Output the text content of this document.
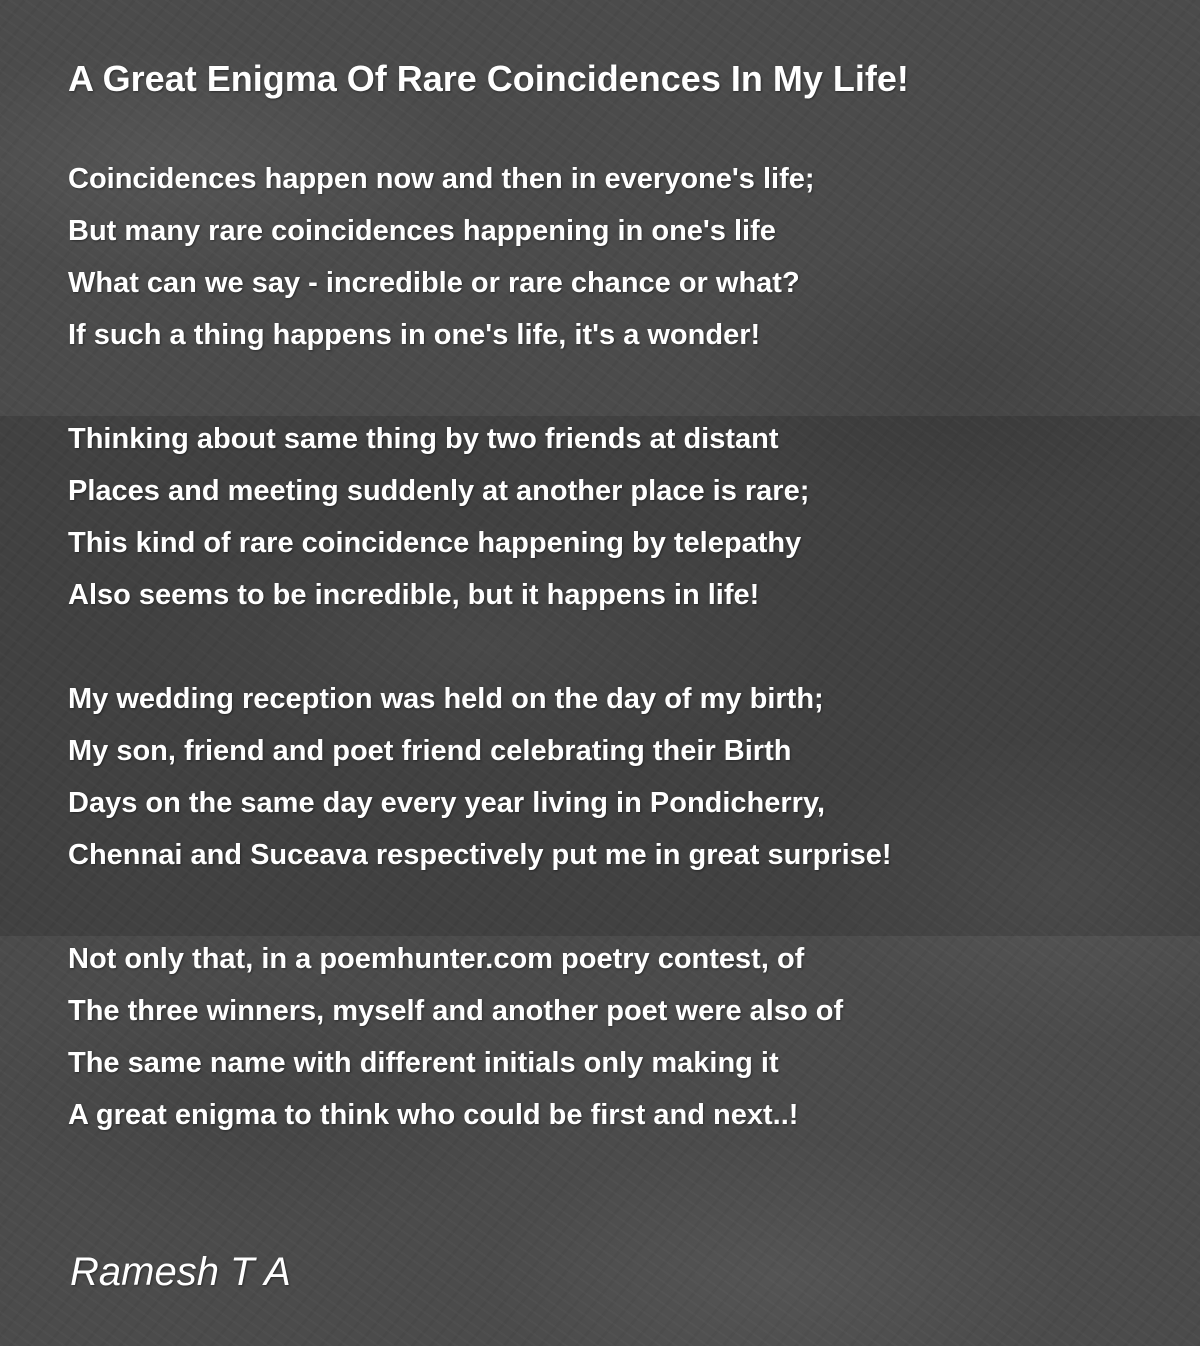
A Great Enigma Of Rare Coincidences In My Life!
Coincidences happen now and then in everyone's life;
But many rare coincidences happening in one's life
What can we say - incredible or rare chance or what?
If such a thing happens in one's life, it's a wonder!
Thinking about same thing by two friends at distant
Places and meeting suddenly at another place is rare;
This kind of rare coincidence happening by telepathy
Also seems to be incredible, but it happens in life!
My wedding reception was held on the day of my birth;
My son, friend and poet friend celebrating their Birth
Days on the same day every year living in Pondicherry,
Chennai and Suceava respectively put me in great surprise!
Not only that, in a poemhunter.com poetry contest, of
The three winners, myself and another poet were also of
The same name with different initials only making it
A great enigma to think who could be first and next..!
Ramesh T A
